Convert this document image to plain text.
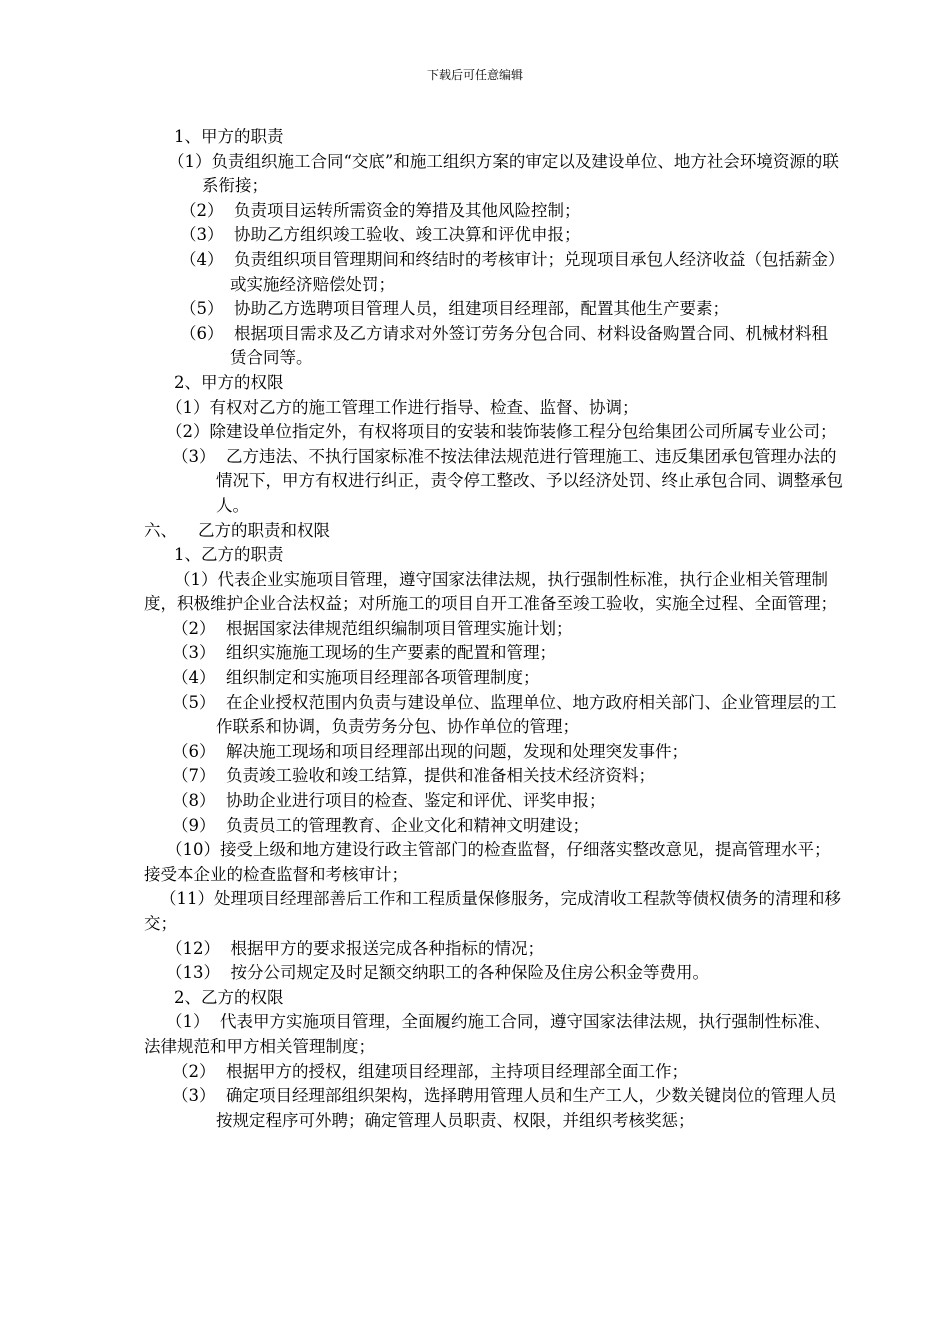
下载后可任意编辑

1、甲方的职责

（1）负责组织施工合同“交底”和施工组织方案的审定以及建设单位、地方社会环境资源的联系衔接；

（2）  负责项目运转所需资金的筹措及其他风险控制；

（3）  协助乙方组织竣工验收、竣工决算和评优申报；

（4）  负责组织项目管理期间和终结时的考核审计；兑现项目承包人经济收益（包括薪金）或实施经济赔偿处罚；

（5）  协助乙方选聘项目管理人员，组建项目经理部，配置其他生产要素；

（6）  根据项目需求及乙方请求对外签订劳务分包合同、材料设备购置合同、机械材料租赁合同等。

2、甲方的权限

（1）有权对乙方的施工管理工作进行指导、检查、监督、协调；

（2）除建设单位指定外，有权将项目的安装和装饰装修工程分包给集团公司所属专业公司；

（3）  乙方违法、不执行国家标准不按法律法规范进行管理施工、违反集团承包管理办法的情况下，甲方有权进行纠正，责令停工整改、予以经济处罚、终止承包合同、调整承包人。

六、    乙方的职责和权限

1、乙方的职责

（1）代表企业实施项目管理，遵守国家法律法规，执行强制性标准，执行企业相关管理制度，积极维护企业合法权益；对所施工的项目自开工准备至竣工验收，实施全过程、全面管理；

（2）  根据国家法律规范组织编制项目管理实施计划；

（3）  组织实施施工现场的生产要素的配置和管理；

（4）  组织制定和实施项目经理部各项管理制度；

（5）  在企业授权范围内负责与建设单位、监理单位、地方政府相关部门、企业管理层的工作联系和协调，负责劳务分包、协作单位的管理；

（6）  解决施工现场和项目经理部出现的问题，发现和处理突发事件；

（7）  负责竣工验收和竣工结算，提供和准备相关技术经济资料；

（8）  协助企业进行项目的检查、鉴定和评优、评奖申报；

（9）  负责员工的管理教育、企业文化和精神文明建设；

（10）接受上级和地方建设行政主管部门的检查监督，仔细落实整改意见，提高管理水平；接受本企业的检查监督和考核审计；

（11）处理项目经理部善后工作和工程质量保修服务，完成清收工程款等债权债务的清理和移交；

（12）  根据甲方的要求报送完成各种指标的情况；

（13）  按分公司规定及时足额交纳职工的各种保险及住房公积金等费用。

2、乙方的权限

（1）  代表甲方实施项目管理，全面履约施工合同，遵守国家法律法规，执行强制性标准、法律规范和甲方相关管理制度；

（2）  根据甲方的授权，组建项目经理部，主持项目经理部全面工作；

（3）  确定项目经理部组织架构，选择聘用管理人员和生产工人，少数关键岗位的管理人员按规定程序可外聘；确定管理人员职责、权限，并组织考核奖惩；
